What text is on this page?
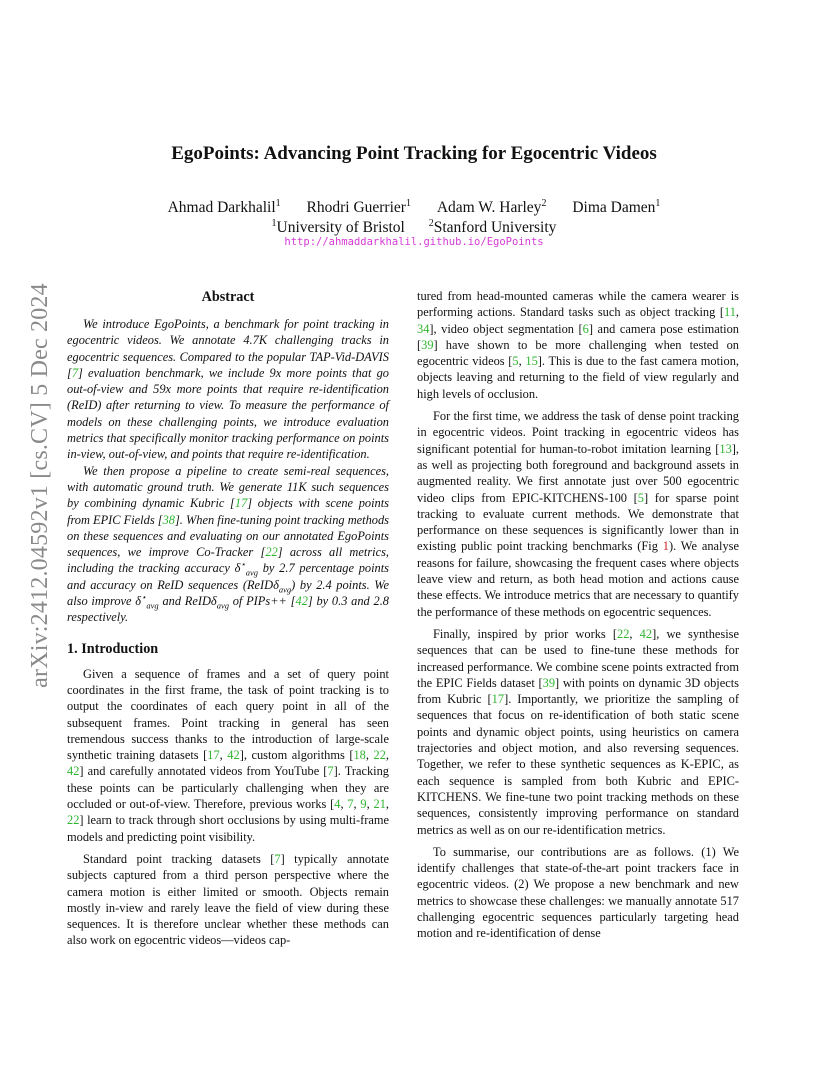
arXiv:2412.04592v1 [cs.CV] 5 Dec 2024
EgoPoints: Advancing Point Tracking for Egocentric Videos
Ahmad Darkhalil$^1$ Rhodri Guerrier$^1$ Adam W. Harley$^2$ Dima Damen$^1$
$^1$University of Bristol $^2$Stanford University
http://ahmaddarkhalil.github.io/EgoPoints
Abstract

We introduce EgoPoints, a benchmark for point tracking in egocentric videos. We annotate 4.7K challenging tracks in egocentric sequences. Compared to the popular TAP-Vid-DAVIS [7] evaluation benchmark, we include 9x more points that go out-of-view and 59x more points that require re-identification (ReID) after returning to view. To measure the performance of models on these challenging points, we introduce evaluation metrics that specifically monitor tracking performance on points in-view, out-of-view, and points that require re-identification.

We then propose a pipeline to create semi-real sequences, with automatic ground truth. We generate 11K such sequences by combining dynamic Kubric [17] objects with scene points from EPIC Fields [38]. When fine-tuning point tracking methods on these sequences and evaluating on our annotated EgoPoints sequences, we improve Co-Tracker [22] across all metrics, including the tracking accuracy $\delta^⋆_{avg}$ by 2.7 percentage points and accuracy on ReID sequences (ReIDδ$_{avg}$) by 2.4 points. We also improve $\delta^⋆_{avg}$ and ReIDδ$_{avg}$ of PIPs++ [42] by 0.3 and 2.8 respectively.

1. Introduction

Given a sequence of frames and a set of query point coordinates in the first frame, the task of point tracking is to output the coordinates of each query point in all of the subsequent frames. Point tracking in general has seen tremendous success thanks to the introduction of large-scale synthetic training datasets [17, 42], custom algorithms [18, 22, 42] and carefully annotated videos from YouTube [7]. Tracking these points can be particularly challenging when they are occluded or out-of-view. Therefore, previous works [4, 7, 9, 21, 22] learn to track through short occlusions by using multi-frame models and predicting point visibility.

Standard point tracking datasets [7] typically annotate subjects captured from a third person perspective where the camera motion is either limited or smooth. Objects remain mostly in-view and rarely leave the field of view during these sequences. It is therefore unclear whether these methods can also work on egocentric videos—videos cap-

tured from head-mounted cameras while the camera wearer is performing actions. Standard tasks such as object tracking [11, 34], video object segmentation [6] and camera pose estimation [39] have shown to be more challenging when tested on egocentric videos [5, 15]. This is due to the fast camera motion, objects leaving and returning to the field of view regularly and high levels of occlusion.

For the first time, we address the task of dense point tracking in egocentric videos. Point tracking in egocentric videos has significant potential for human-to-robot imitation learning [13], as well as projecting both foreground and background assets in augmented reality. We first annotate just over 500 egocentric video clips from EPIC-KITCHENS-100 [5] for sparse point tracking to evaluate current methods. We demonstrate that performance on these sequences is significantly lower than in existing public point tracking benchmarks (Fig 1). We analyse reasons for failure, showcasing the frequent cases where objects leave view and return, as both head motion and actions cause these effects. We introduce metrics that are necessary to quantify the performance of these methods on egocentric sequences.

Finally, inspired by prior works [22, 42], we synthesise sequences that can be used to fine-tune these methods for increased performance. We combine scene points extracted from the EPIC Fields dataset [39] with points on dynamic 3D objects from Kubric [17]. Importantly, we prioritize the sampling of sequences that focus on re-identification of both static scene points and dynamic object points, using heuristics on camera trajectories and object motion, and also reversing sequences. Together, we refer to these synthetic sequences as K-EPIC, as each sequence is sampled from both Kubric and EPIC-KITCHENS. We fine-tune two point tracking methods on these sequences, consistently improving performance on standard metrics as well as on our re-identification metrics.

To summarise, our contributions are as follows. (1) We identify challenges that state-of-the-art point trackers face in egocentric videos. (2) We propose a new benchmark and new metrics to showcase these challenges: we manually annotate 517 challenging egocentric sequences particularly targeting head motion and re-identification of dense
